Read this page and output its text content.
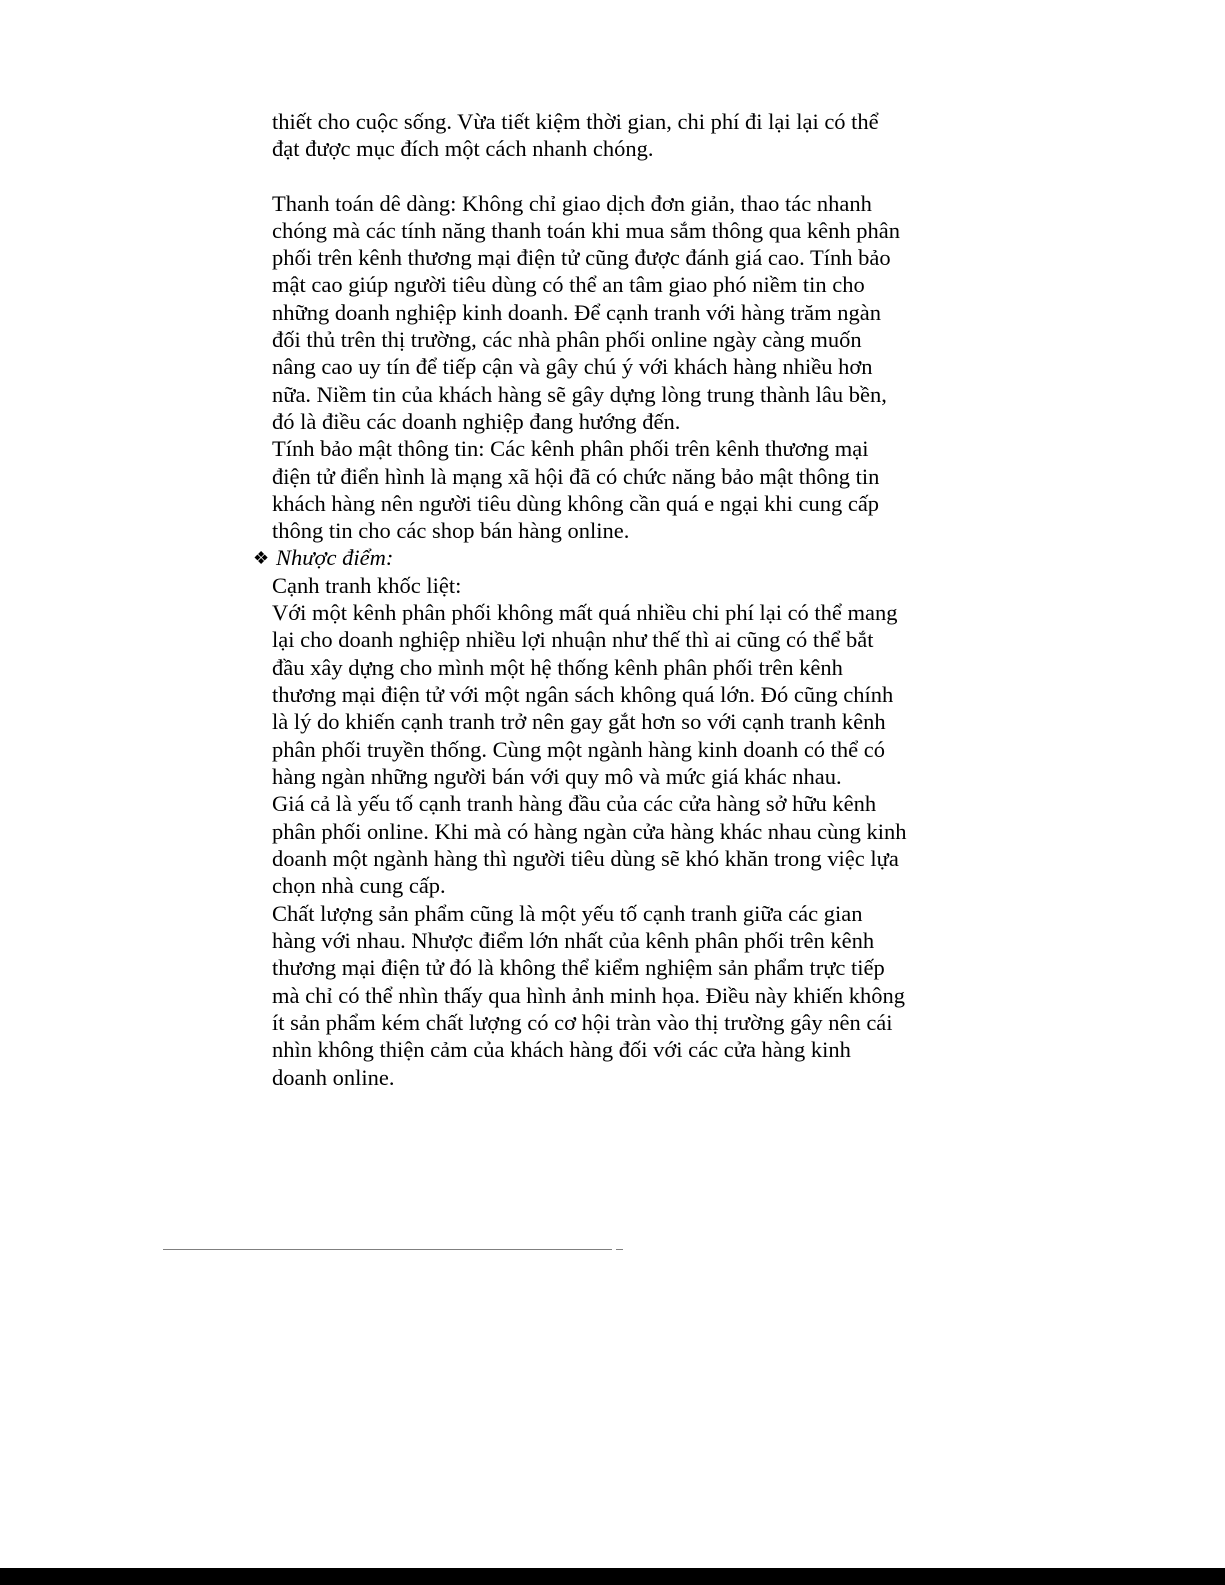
thiết cho cuộc sống. Vừa tiết kiệm thời gian, chi phí đi lại lại có thể
đạt được mục đích một cách nhanh chóng.
Thanh toán dê dàng: Không chỉ giao dịch đơn giản, thao tác nhanh
chóng mà các tính năng thanh toán khi mua sắm thông qua kênh phân
phối trên kênh thương mại điện tử cũng được đánh giá cao. Tính bảo
mật cao giúp người tiêu dùng có thể an tâm giao phó niềm tin cho
những doanh nghiệp kinh doanh. Để cạnh tranh với hàng trăm ngàn
đối thủ trên thị trường, các nhà phân phối online ngày càng muốn
nâng cao uy tín để tiếp cận và gây chú ý với khách hàng nhiều hơn
nữa. Niềm tin của khách hàng sẽ gây dựng lòng trung thành lâu bền,
đó là điều các doanh nghiệp đang hướng đến.
Tính bảo mật thông tin: Các kênh phân phối trên kênh thương mại
điện tử điển hình là mạng xã hội đã có chức năng bảo mật thông tin
khách hàng nên người tiêu dùng không cần quá e ngại khi cung cấp
thông tin cho các shop bán hàng online.
❖ Nhược điểm:
Cạnh tranh khốc liệt:
Với một kênh phân phối không mất quá nhiều chi phí lại có thể mang
lại cho doanh nghiệp nhiều lợi nhuận như thế thì ai cũng có thể bắt
đầu xây dựng cho mình một hệ thống kênh phân phối trên kênh
thương mại điện tử với một ngân sách không quá lớn. Đó cũng chính
là lý do khiến cạnh tranh trở nên gay gắt hơn so với cạnh tranh kênh
phân phối truyền thống. Cùng một ngành hàng kinh doanh có thể có
hàng ngàn những người bán với quy mô và mức giá khác nhau.
Giá cả là yếu tố cạnh tranh hàng đầu của các cửa hàng sở hữu kênh
phân phối online. Khi mà có hàng ngàn cửa hàng khác nhau cùng kinh
doanh một ngành hàng thì người tiêu dùng sẽ khó khăn trong việc lựa
chọn nhà cung cấp.
Chất lượng sản phẩm cũng là một yếu tố cạnh tranh giữa các gian
hàng với nhau. Nhược điểm lớn nhất của kênh phân phối trên kênh
thương mại điện tử đó là không thể kiểm nghiệm sản phẩm trực tiếp
mà chỉ có thể nhìn thấy qua hình ảnh minh họa. Điều này khiến không
ít sản phẩm kém chất lượng có cơ hội tràn vào thị trường gây nên cái
nhìn không thiện cảm của khách hàng đối với các cửa hàng kinh
doanh online.
